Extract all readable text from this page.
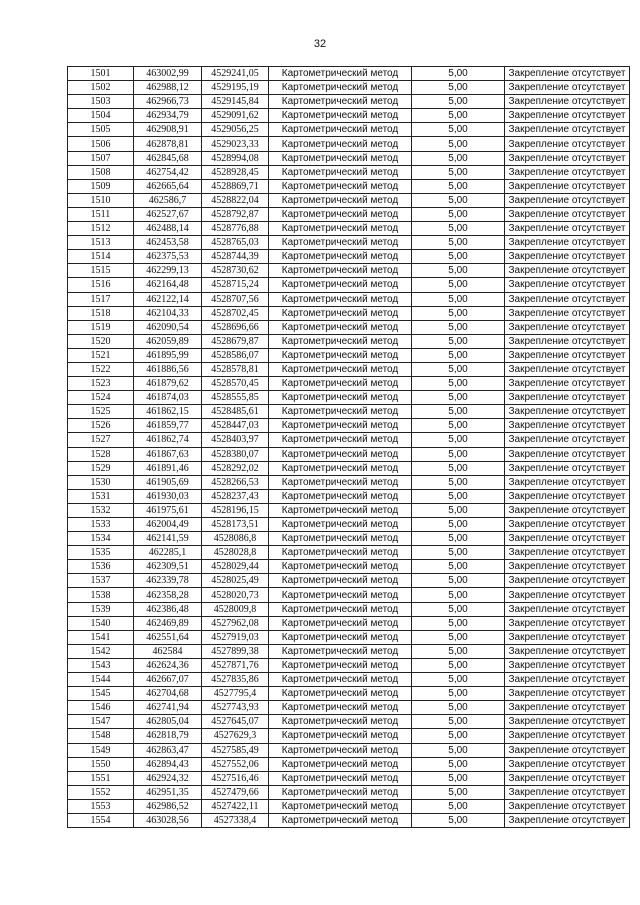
32
1501	463002,99	4529241,05	Картометрический метод	5,00	Закрепление отсутствует
1502	462988,12	4529195,19	Картометрический метод	5,00	Закрепление отсутствует
1503	462966,73	4529145,84	Картометрический метод	5,00	Закрепление отсутствует
1504	462934,79	4529091,62	Картометрический метод	5,00	Закрепление отсутствует
1505	462908,91	4529056,25	Картометрический метод	5,00	Закрепление отсутствует
1506	462878,81	4529023,33	Картометрический метод	5,00	Закрепление отсутствует
1507	462845,68	4528994,08	Картометрический метод	5,00	Закрепление отсутствует
1508	462754,42	4528928,45	Картометрический метод	5,00	Закрепление отсутствует
1509	462665,64	4528869,71	Картометрический метод	5,00	Закрепление отсутствует
1510	462586,7	4528822,04	Картометрический метод	5,00	Закрепление отсутствует
1511	462527,67	4528792,87	Картометрический метод	5,00	Закрепление отсутствует
1512	462488,14	4528776,88	Картометрический метод	5,00	Закрепление отсутствует
1513	462453,58	4528765,03	Картометрический метод	5,00	Закрепление отсутствует
1514	462375,53	4528744,39	Картометрический метод	5,00	Закрепление отсутствует
1515	462299,13	4528730,62	Картометрический метод	5,00	Закрепление отсутствует
1516	462164,48	4528715,24	Картометрический метод	5,00	Закрепление отсутствует
1517	462122,14	4528707,56	Картометрический метод	5,00	Закрепление отсутствует
1518	462104,33	4528702,45	Картометрический метод	5,00	Закрепление отсутствует
1519	462090,54	4528696,66	Картометрический метод	5,00	Закрепление отсутствует
1520	462059,89	4528679,87	Картометрический метод	5,00	Закрепление отсутствует
1521	461895,99	4528586,07	Картометрический метод	5,00	Закрепление отсутствует
1522	461886,56	4528578,81	Картометрический метод	5,00	Закрепление отсутствует
1523	461879,62	4528570,45	Картометрический метод	5,00	Закрепление отсутствует
1524	461874,03	4528555,85	Картометрический метод	5,00	Закрепление отсутствует
1525	461862,15	4528485,61	Картометрический метод	5,00	Закрепление отсутствует
1526	461859,77	4528447,03	Картометрический метод	5,00	Закрепление отсутствует
1527	461862,74	4528403,97	Картометрический метод	5,00	Закрепление отсутствует
1528	461867,63	4528380,07	Картометрический метод	5,00	Закрепление отсутствует
1529	461891,46	4528292,02	Картометрический метод	5,00	Закрепление отсутствует
1530	461905,69	4528266,53	Картометрический метод	5,00	Закрепление отсутствует
1531	461930,03	4528237,43	Картометрический метод	5,00	Закрепление отсутствует
1532	461975,61	4528196,15	Картометрический метод	5,00	Закрепление отсутствует
1533	462004,49	4528173,51	Картометрический метод	5,00	Закрепление отсутствует
1534	462141,59	4528086,8	Картометрический метод	5,00	Закрепление отсутствует
1535	462285,1	4528028,8	Картометрический метод	5,00	Закрепление отсутствует
1536	462309,51	4528029,44	Картометрический метод	5,00	Закрепление отсутствует
1537	462339,78	4528025,49	Картометрический метод	5,00	Закрепление отсутствует
1538	462358,28	4528020,73	Картометрический метод	5,00	Закрепление отсутствует
1539	462386,48	4528009,8	Картометрический метод	5,00	Закрепление отсутствует
1540	462469,89	4527962,08	Картометрический метод	5,00	Закрепление отсутствует
1541	462551,64	4527919,03	Картометрический метод	5,00	Закрепление отсутствует
1542	462584	4527899,38	Картометрический метод	5,00	Закрепление отсутствует
1543	462624,36	4527871,76	Картометрический метод	5,00	Закрепление отсутствует
1544	462667,07	4527835,86	Картометрический метод	5,00	Закрепление отсутствует
1545	462704,68	4527795,4	Картометрический метод	5,00	Закрепление отсутствует
1546	462741,94	4527743,93	Картометрический метод	5,00	Закрепление отсутствует
1547	462805,04	4527645,07	Картометрический метод	5,00	Закрепление отсутствует
1548	462818,79	4527629,3	Картометрический метод	5,00	Закрепление отсутствует
1549	462863,47	4527585,49	Картометрический метод	5,00	Закрепление отсутствует
1550	462894,43	4527552,06	Картометрический метод	5,00	Закрепление отсутствует
1551	462924,32	4527516,46	Картометрический метод	5,00	Закрепление отсутствует
1552	462951,35	4527479,66	Картометрический метод	5,00	Закрепление отсутствует
1553	462986,52	4527422,11	Картометрический метод	5,00	Закрепление отсутствует
1554	463028,56	4527338,4	Картометрический метод	5,00	Закрепление отсутствует
